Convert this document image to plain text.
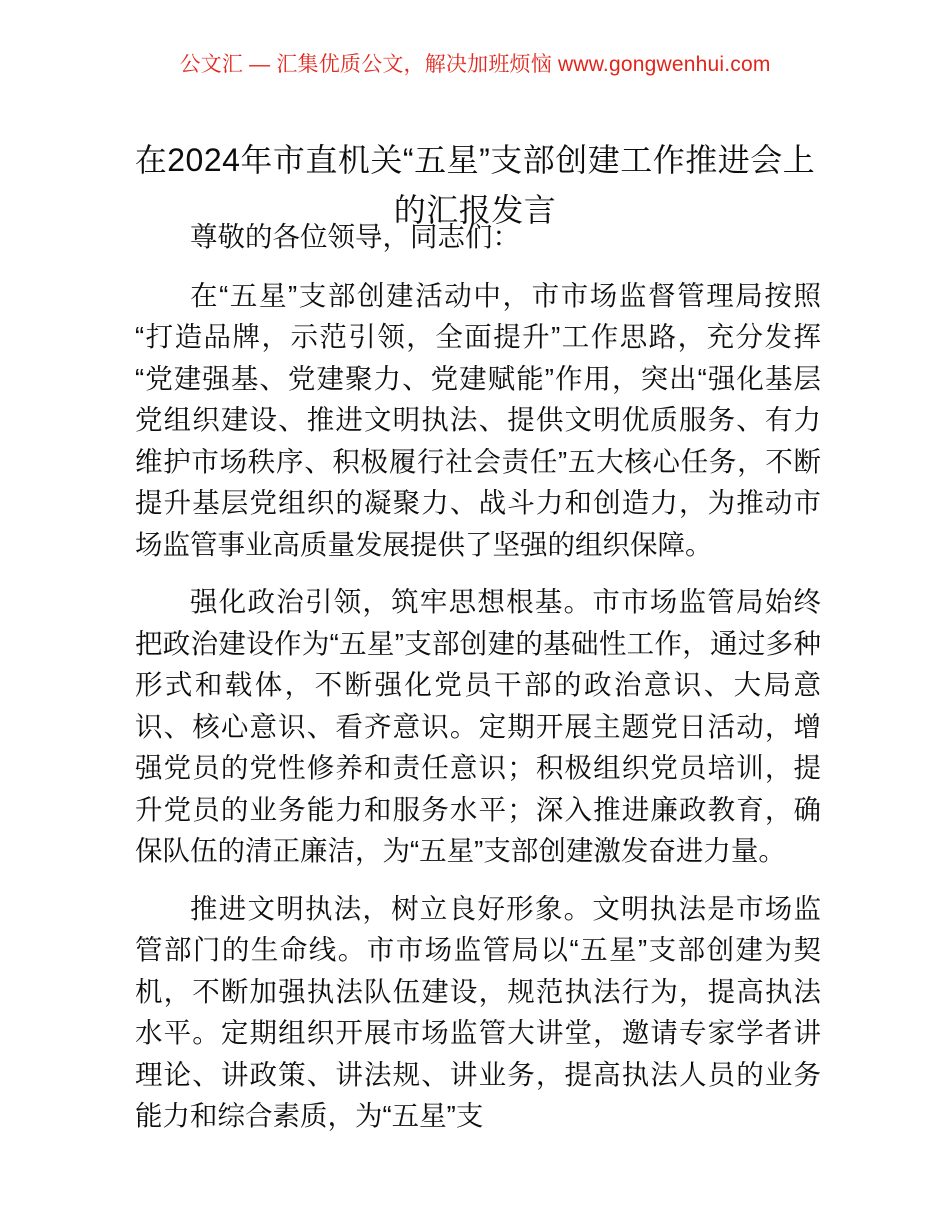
公文汇 — 汇集优质公文，解决加班烦恼 www.gongwenhui.com
在2024年市直机关“五星”支部创建工作推进会上的汇报发言

尊敬的各位领导，同志们：

在“五星”支部创建活动中，市市场监督管理局按照“打造品牌，示范引领，全面提升”工作思路，充分发挥“党建强基、党建聚力、党建赋能”作用，突出“强化基层党组织建设、推进文明执法、提供文明优质服务、有力维护市场秩序、积极履行社会责任”五大核心任务，不断提升基层党组织的凝聚力、战斗力和创造力，为推动市场监管事业高质量发展提供了坚强的组织保障。

强化政治引领，筑牢思想根基。市市场监管局始终把政治建设作为“五星”支部创建的基础性工作，通过多种形式和载体，不断强化党员干部的政治意识、大局意识、核心意识、看齐意识。定期开展主题党日活动，增强党员的党性修养和责任意识；积极组织党员培训，提升党员的业务能力和服务水平；深入推进廉政教育，确保队伍的清正廉洁，为“五星”支部创建激发奋进力量。

推进文明执法，树立良好形象。文明执法是市场监管部门的生命线。市市场监管局以“五星”支部创建为契机，不断加强执法队伍建设，规范执法行为，提高执法水平。定期组织开展市场监管大讲堂，邀请专家学者讲理论、讲政策、讲法规、讲业务，提高执法人员的业务能力和综合素质，为“五星”支
